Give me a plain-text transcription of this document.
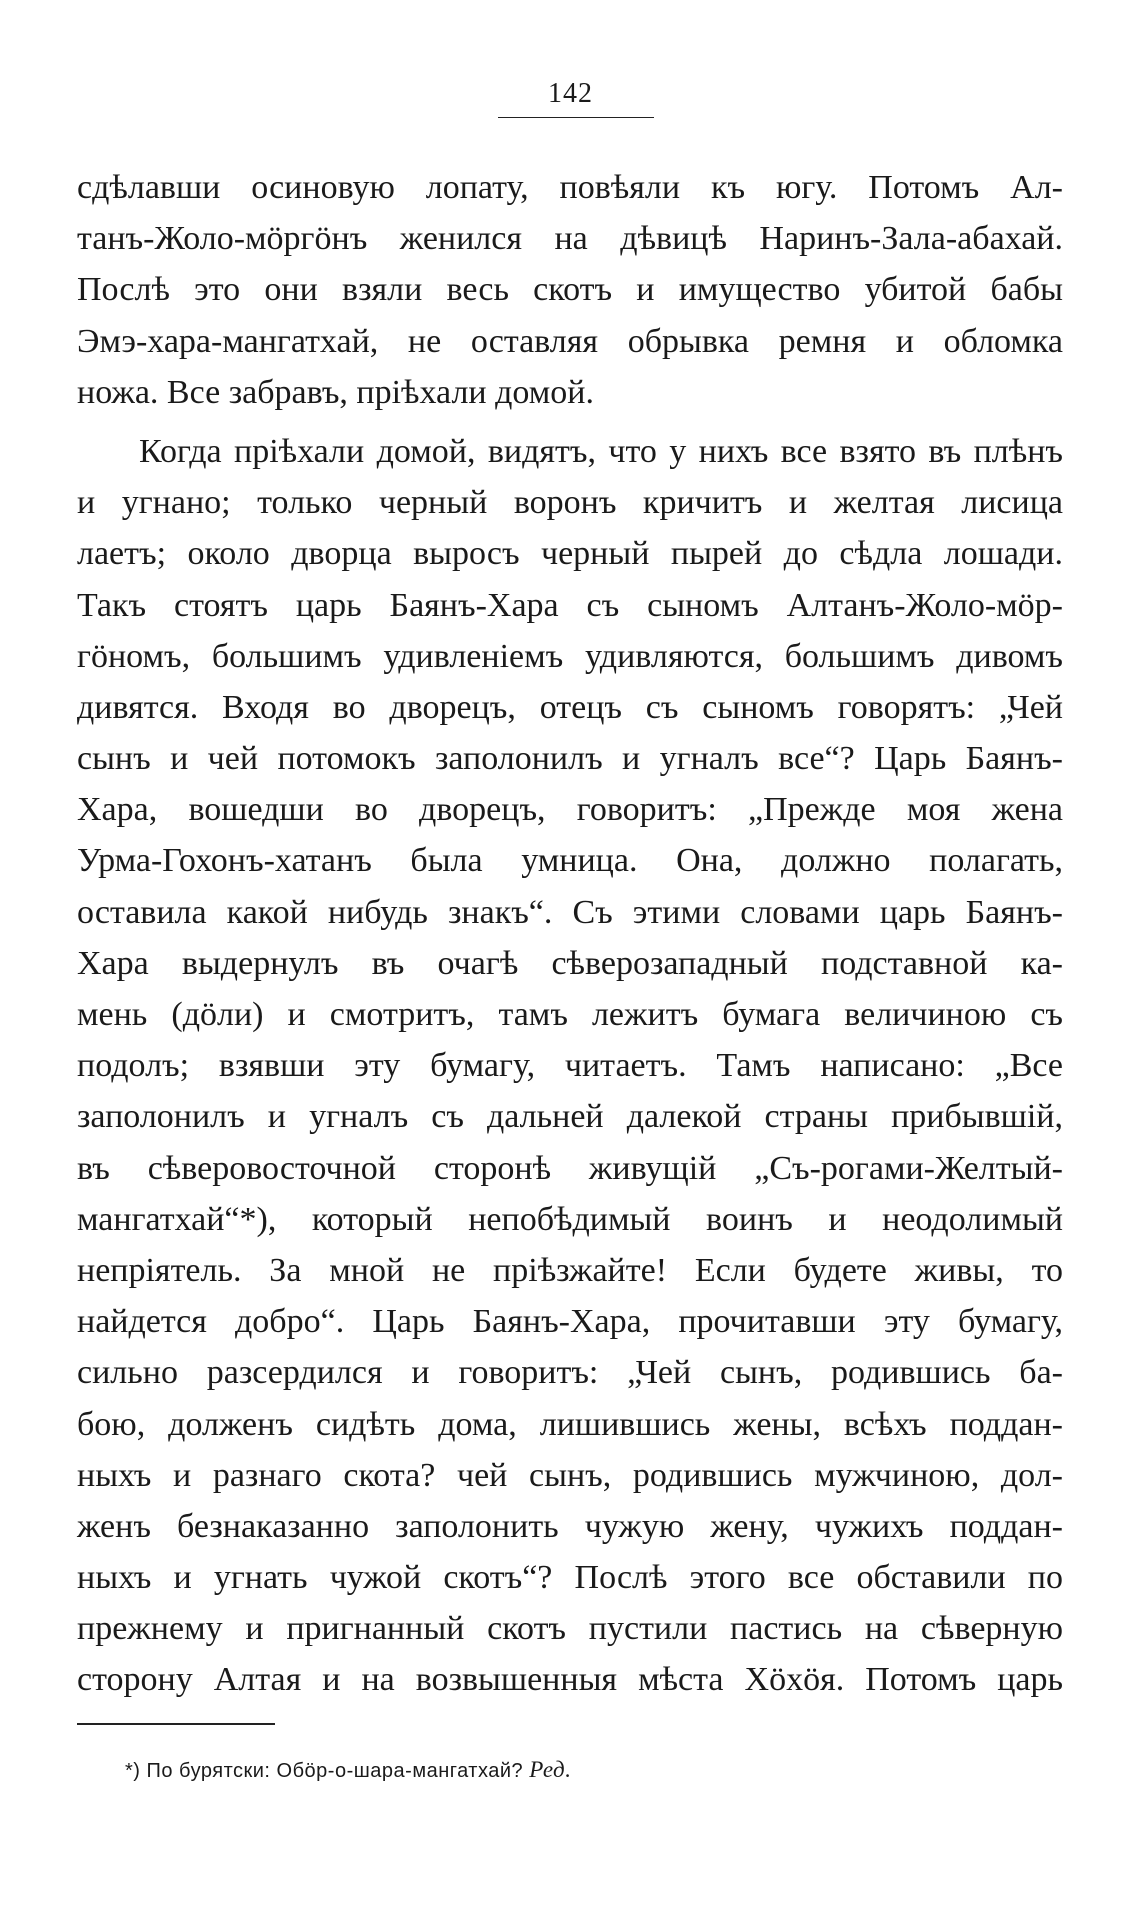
142
сдѣлавши осиновую лопату, повѣяли къ югу. Потомъ Ал-
танъ-Жоло-мöргöнъ женился на дѣвицѣ Наринъ-Зала-абахай.
Послѣ это они взяли весь скотъ и имущество убитой бабы
Эмэ-хара-мангатхай, не оставляя обрывка ремня и обломка
ножа. Все забравъ, пріѣхали домой.
Когда пріѣхали домой, видятъ, что у нихъ все взято въ плѣнъ
и угнано; только черный воронъ кричитъ и желтая лисица
лаетъ; около дворца выросъ черный пырей до сѣдла лошади.
Такъ стоятъ царь Баянъ-Хара съ сыномъ Алтанъ-Жоло-мöр-
гöномъ, большимъ удивленіемъ удивляются, большимъ дивомъ
дивятся. Входя во дворецъ, отецъ съ сыномъ говорятъ: „Чей
сынъ и чей потомокъ заполонилъ и угналъ все“? Царь Баянъ-
Хара, вошедши во дворецъ, говоритъ: „Прежде моя жена
Урма-Гохонъ-хатанъ была умница. Она, должно полагать,
оставила какой нибудь знакъ“. Съ этими словами царь Баянъ-
Хара выдернулъ въ очагѣ сѣверозападный подставной ка-
мень (дöли) и смотритъ, тамъ лежитъ бумага величиною съ
подолъ; взявши эту бумагу, читаетъ. Тамъ написано: „Все
заполонилъ и угналъ съ дальней далекой страны прибывшій,
въ сѣверовосточной сторонѣ живущій „Съ-рогами-Желтый-
мангатхай“*), который непобѣдимый воинъ и неодолимый
непріятель. За мной не пріѣзжайте! Если будете живы, то
найдется добро“. Царь Баянъ-Хара, прочитавши эту бумагу,
сильно разсердился и говоритъ: „Чей сынъ, родившись ба-
бою, долженъ сидѣть дома, лишившись жены, всѣхъ поддан-
ныхъ и разнаго скота? чей сынъ, родившись мужчиною, дол-
женъ безнаказанно заполонить чужую жену, чужихъ поддан-
ныхъ и угнать чужой скотъ“? Послѣ этого все обставили по
прежнему и пригнанный скотъ пустили пастись на сѣверную
сторону Алтая и на возвышенныя мѣста Хöхöя. Потомъ царь
*) По бурятски: Обöр-о-шара-мангатхай? Ред.
